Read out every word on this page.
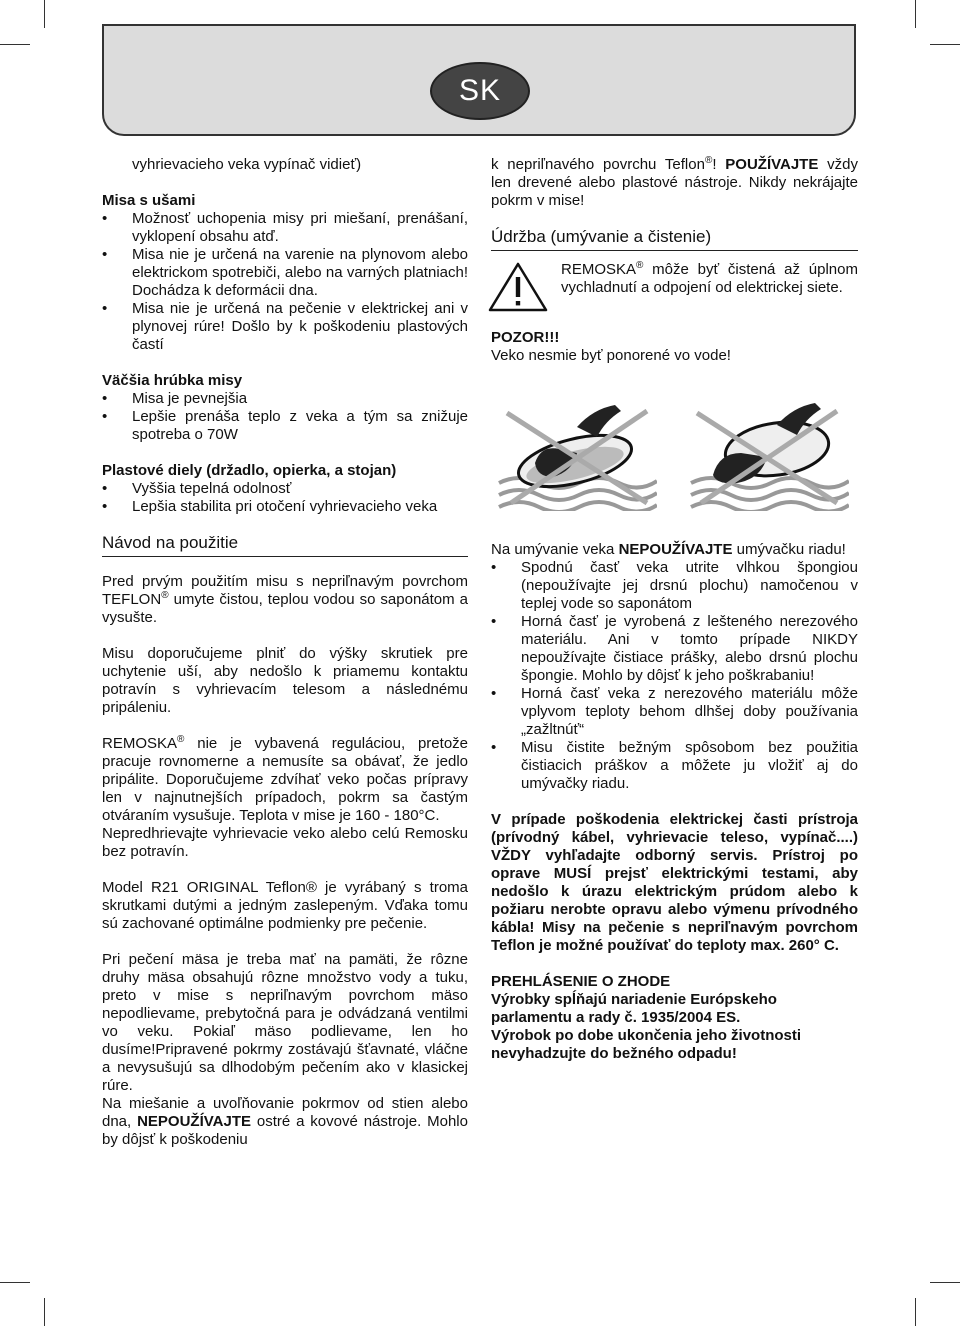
SK

vyhrievacieho veka vypínač vidieť)

Misa s ušami
• Možnosť uchopenia misy pri miešaní, prenášaní, vyklopení obsahu atď.
• Misa nie je určená na varenie na plynovom alebo elektrickom spotrebiči, alebo na varných platniach! Dochádza k deformácii dna.
• Misa nie je určená na pečenie v elektrickej ani v plynovej rúre! Došlo by k poškodeniu plastových častí
Väčšia hrúbka misy
• Misa je pevnejšia
• Lepšie prenáša teplo z veka a tým sa znižuje spotreba o 70W
Plastové diely (držadlo, opierka, a stojan)
• Vyššia tepelná odolnosť
• Lepšia stabilita pri otočení vyhrievacieho veka
Návod na použitie

Pred prvým použitím misu s nepriľnavým povrchom TEFLON® umyte čistou, teplou vodou so saponátom a vysušte.

Misu doporučujeme plniť do výšky skrutiek pre uchytenie uší, aby nedošlo k priamemu kontaktu potravín s vyhrievacím telesom a následnému pripáleniu.

REMOSKA® nie je vybavená reguláciou, pretože pracuje rovnomerne a nemusíte sa obávať, že jedlo pripálite. Doporučujeme zdvíhať veko počas prípravy len v najnutnejších prípadoch, pokrm sa častým otváraním vysušuje. Teplota v mise je 160 - 180°C.

Nepredhrievajte vyhrievacie veko alebo celú Remosku bez potravín.

Model R21 ORIGINAL Teflon® je vyrábaný s troma skrutkami dutými a jedným zaslepeným. Vďaka tomu sú zachované optimálne podmienky pre pečenie.

Pri pečení mäsa je treba mať na pamäti, že rôzne druhy mäsa obsahujú rôzne množstvo vody a tuku, preto v mise s nepriľnavým povrchom mäso nepodlievame, prebytočná para je odvádzaná ventilmi vo veku. Pokiaľ mäso podlievame, len ho dusíme!Pripravené pokrmy zostávajú šťavnaté, vláčne a nevysušujú sa dlhodobým pečením ako v klasickej rúre.

Na miešanie a uvoľňovanie pokrmov od stien alebo dna, NEPOUŽÍVAJTE ostré a kovové nástroje. Mohlo by dôjsť k poškodeniu

k nepriľnavého povrchu Teflon®! POUŽÍVAJTE vždy len drevené alebo plastové nástroje. Nikdy nekrájajte pokrm v mise!

Údržba (umývanie a čistenie)

REMOSKA® môže byť čistená až úplnom vychladnutí a odpojení od elektrickej siete.

POZOR!!!

Veko nesmie byť ponorené vo vode!

Na umývanie veka NEPOUŽÍVAJTE umývačku riadu!

• Spodnú časť veka utrite vlhkou špongiou (nepoužívajte jej drsnú plochu) namočenou v teplej vode so saponátom
• Horná časť je vyrobená z lešteného nerezového materiálu. Ani v tomto prípade NIKDY nepoužívajte čistiace prášky, alebo drsnú plochu špongie. Mohlo by dôjsť k jeho poškrabaniu!
• Horná časť veka z nerezového materiálu môže vplyvom teploty behom dlhšej doby používania „zažltnúť“
• Misu čistite bežným spôsobom bez použitia čistiacich práškov a môžete ju vložiť aj do umývačky riadu.

V prípade poškodenia elektrickej časti prístroja (prívodný kábel, vyhrievacie teleso, vypínač....) VŽDY vyhľadajte odborný servis. Prístroj po oprave MUSÍ prejsť elektrickými testami, aby nedošlo k úrazu elektrickým prúdom alebo k požiaru nerobte opravu alebo výmenu prívodného kábla! Misy na pečenie s nepriľnavým povrchom Teflon je možné používať do teploty max. 260° C.

PREHLÁSENIE O ZHODE

Výrobky spĺňajú nariadenie Európskeho parlamentu a rady č. 1935/2004 ES.

Výrobok po dobe ukončenia jeho životnosti nevyhadzujte do bežného odpadu!
